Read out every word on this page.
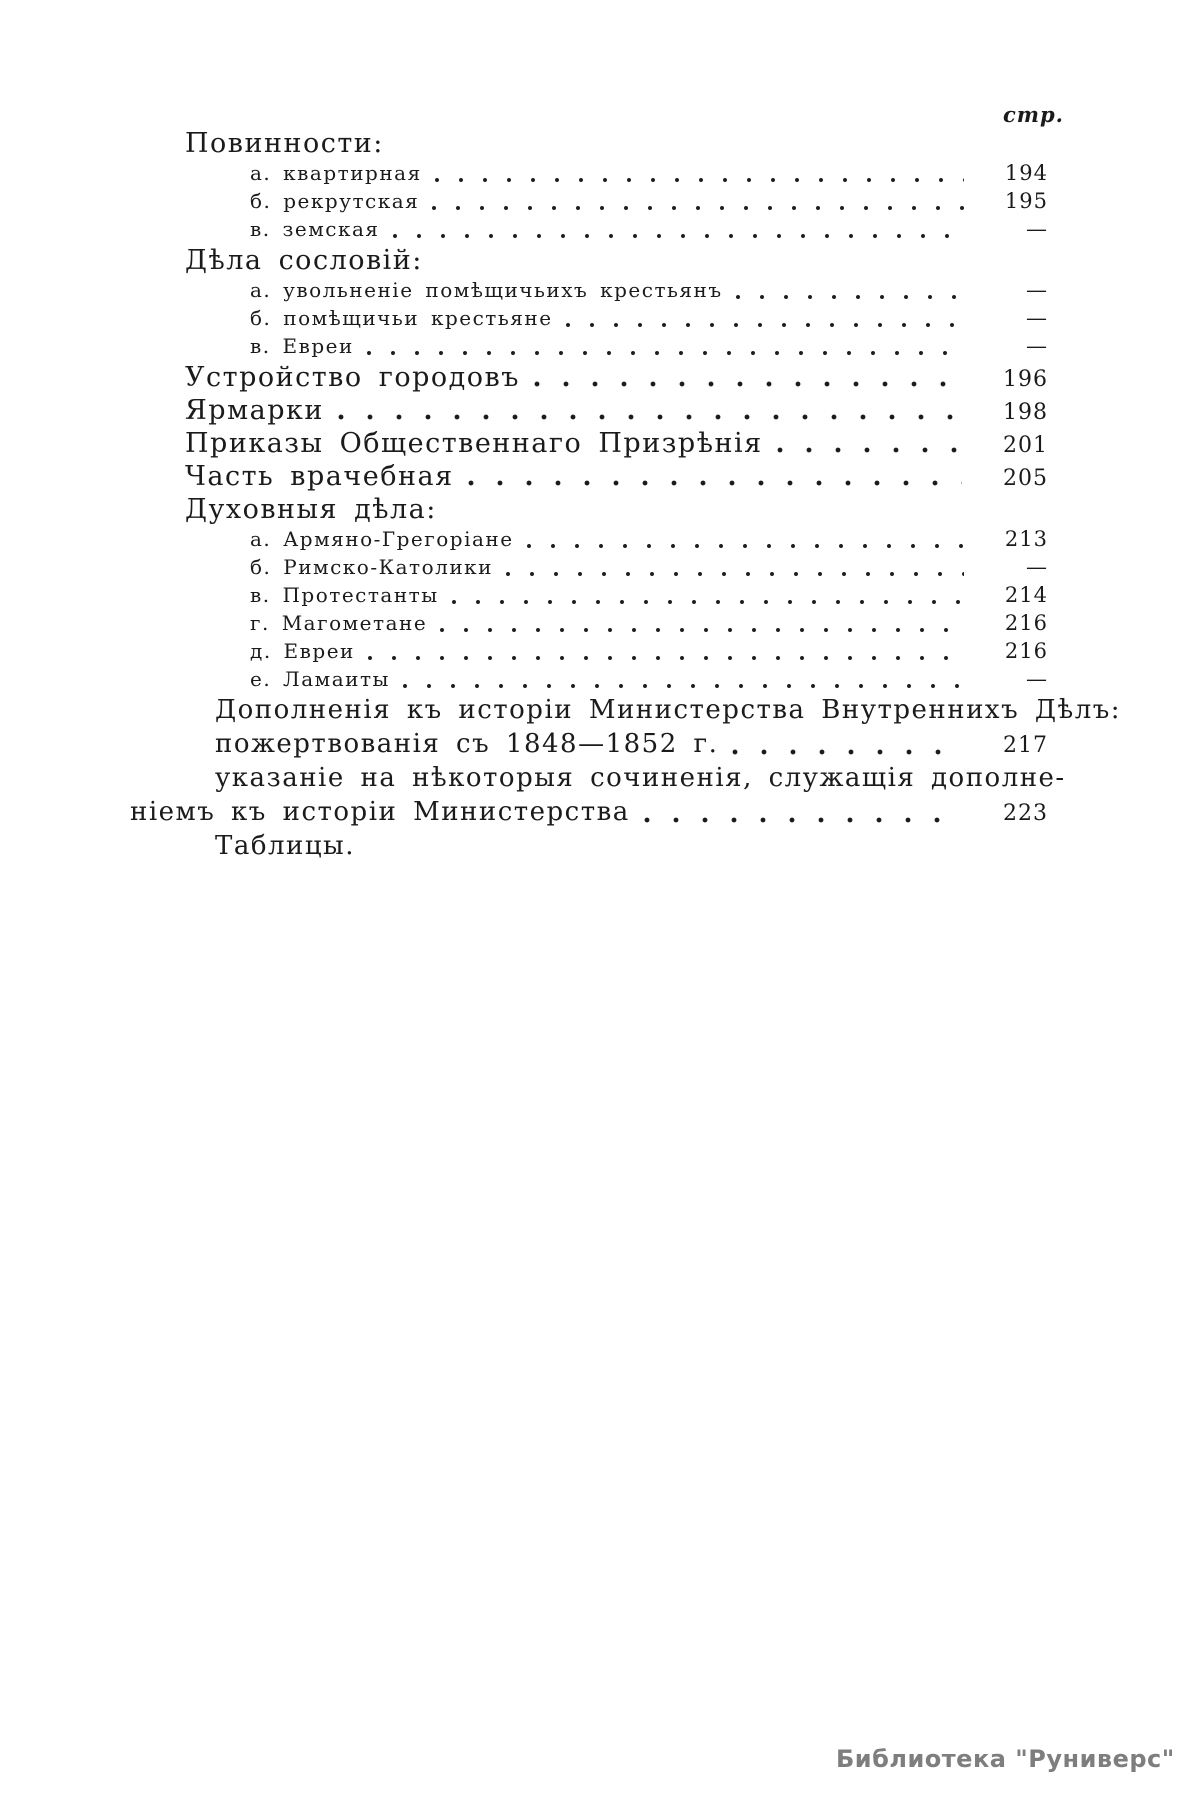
стр.
Повинности:
а. квартирная	194
б. рекрутская	195
в. земская	—
Дѣла сословій:
а. увольненіе помѣщичьихъ крестьянъ	—
б. помѣщичьи крестьяне	—
в. Евреи	—
Устройство городовъ	196
Ярмарки	198
Приказы Общественнаго Призрѣнія	201
Часть врачебная	205
Духовныя дѣла:
а. Армяно-Грегоріане	213
б. Римско-Католики	—
в. Протестанты	214
г. Магометане	216
д. Евреи	216
е. Ламаиты	—
Дополненія къ исторіи Министерства Внутреннихъ Дѣлъ:
пожертвованія съ 1848—1852 г.	217
указаніе на нѣкоторыя сочиненія, служащія дополне-
ніемъ къ исторіи Министерства	223
Таблицы.
Библиотека "Руниверс"
